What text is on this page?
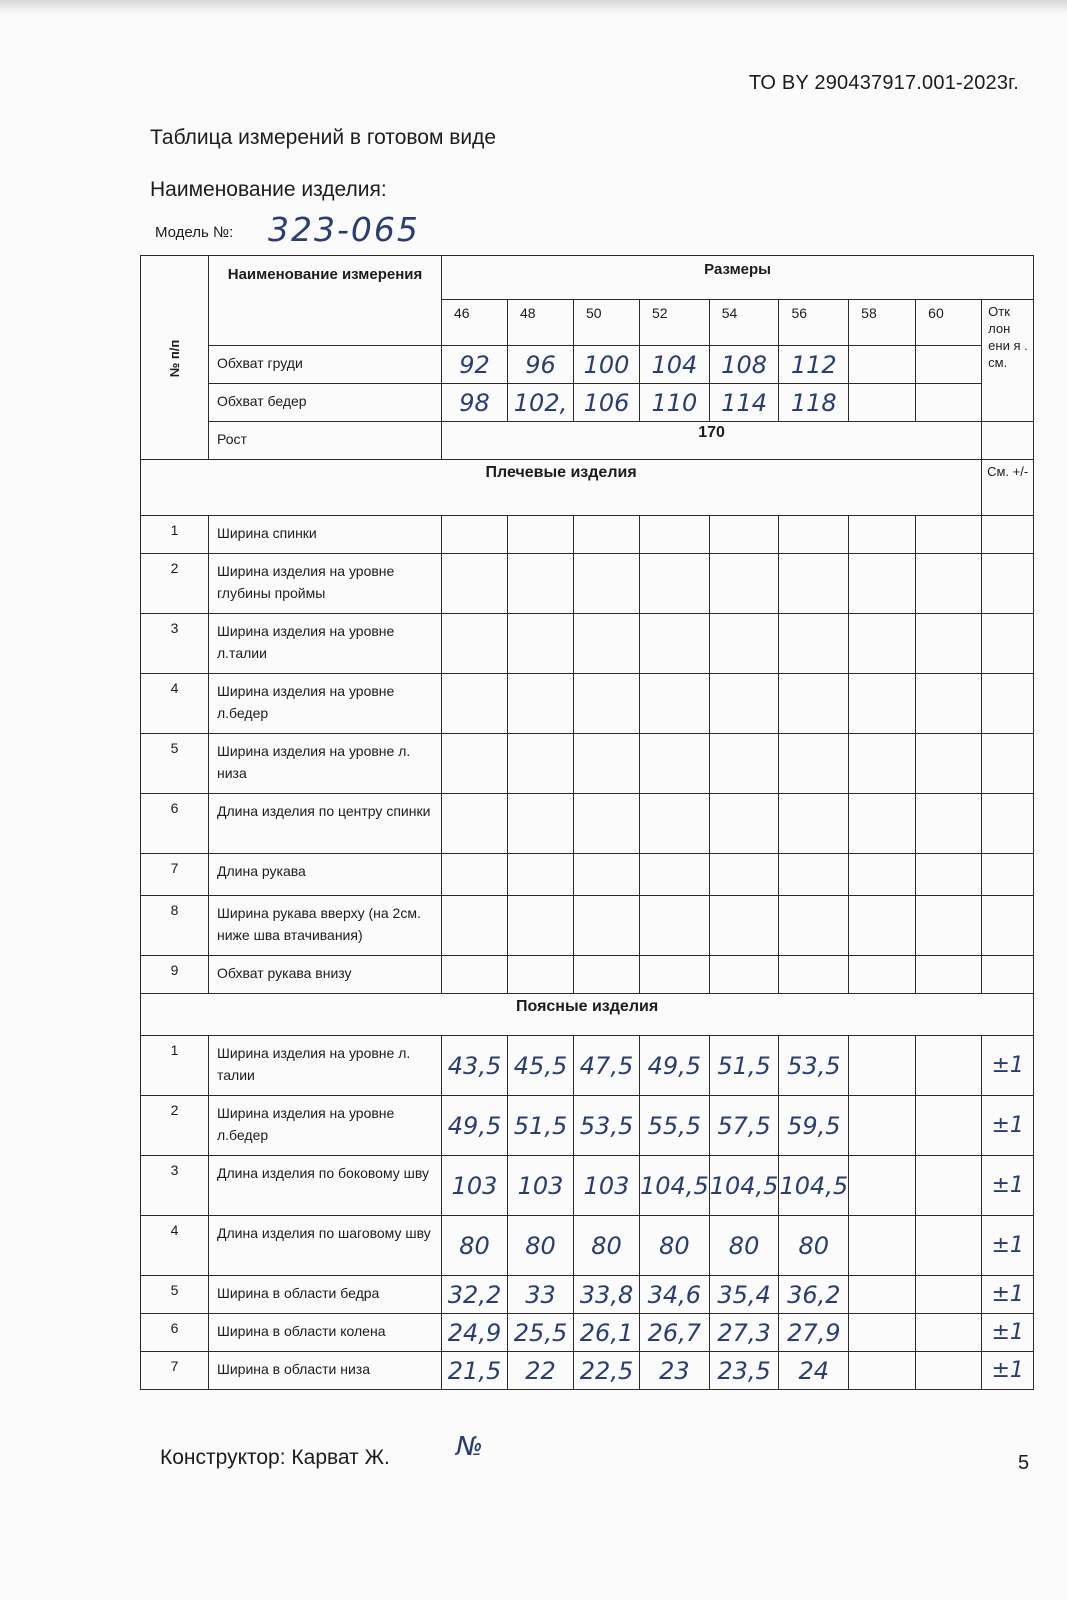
ТО BY 290437917.001-2023г.
Таблица измерений в готовом виде
Наименование изделия:
Модель №: 323-065
№ п/п	Наименование измерения	Размеры								
		46	48	50	52	54	56	58	60	Отк лон ени я . см.
	Обхват груди	92	96	100	104	108	112			
	Обхват бедер	98	102,	106	110	114	118			
	Рост	170								
Плечевые изделия										См. +/-
1	Ширина спинки									
2	Ширина изделия на уровне глубины проймы									
3	Ширина изделия на уровне л.талии									
4	Ширина изделия на уровне л.бедер									
5	Ширина изделия на уровне л. низа									
6	Длина изделия по центру спинки									
7	Длина рукава									
8	Ширина рукава вверху (на 2см. ниже шва втачивания)									
9	Обхват рукава внизу									
Поясные изделия										
1	Ширина изделия на уровне л. талии	43,5	45,5	47,5	49,5	51,5	53,5			±1
2	Ширина изделия на уровне л.бедер	49,5	51,5	53,5	55,5	57,5	59,5			±1
3	Длина изделия по боковому шву	103	103	103	104,5	104,5	104,5			±1
4	Длина изделия по шаговому шву	80	80	80	80	80	80			±1
5	Ширина в области бедра	32,2	33	33,8	34,6	35,4	36,2			±1
6	Ширина в области колена	24,9	25,5	26,1	26,7	27,3	27,9			±1
7	Ширина в области низа	21,5	22	22,5	23	23,5	24			±1
Конструктор: Карват Ж.	№
5
